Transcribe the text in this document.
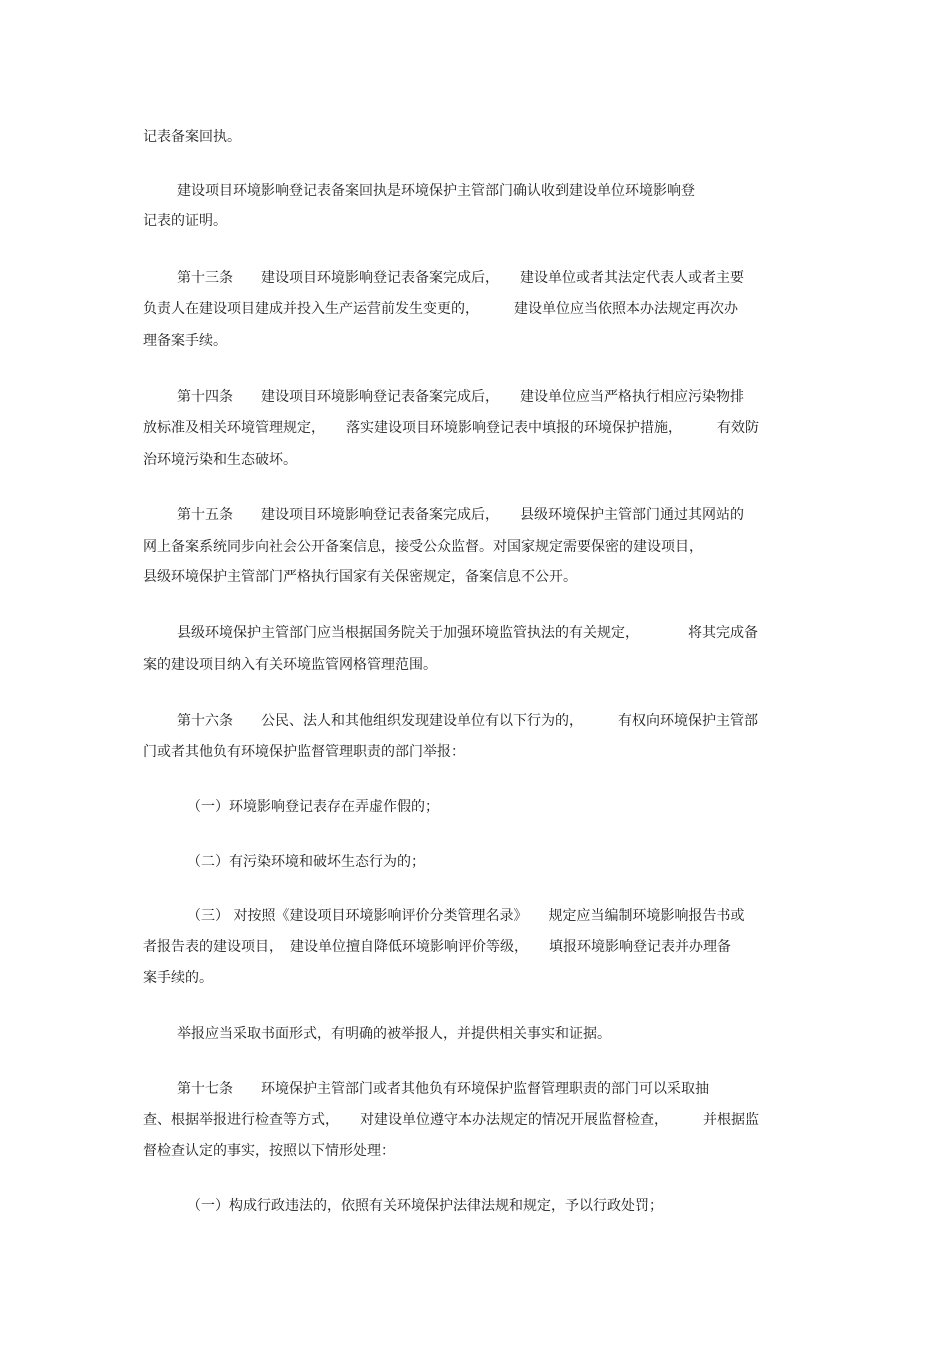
记表备案回执。

建设项目环境影响登记表备案回执是环境保护主管部门确认收到建设单位环境影响登

记表的证明。

第十三条　　建设项目环境影响登记表备案完成后，　　建设单位或者其法定代表人或者主要

负责人在建设项目建成并投入生产运营前发生变更的，　　　建设单位应当依照本办法规定再次办

理备案手续。

第十四条　　建设项目环境影响登记表备案完成后，　　建设单位应当严格执行相应污染物排

放标准及相关环境管理规定，　　落实建设项目环境影响登记表中填报的环境保护措施，　　　有效防

治环境污染和生态破坏。

第十五条　　建设项目环境影响登记表备案完成后，　　县级环境保护主管部门通过其网站的

网上备案系统同步向社会公开备案信息，接受公众监督。对国家规定需要保密的建设项目，

县级环境保护主管部门严格执行国家有关保密规定，备案信息不公开。

县级环境保护主管部门应当根据国务院关于加强环境监管执法的有关规定，　　　　将其完成备

案的建设项目纳入有关环境监管网格管理范围。

第十六条　　公民、法人和其他组织发现建设单位有以下行为的，　　　有权向环境保护主管部

门或者其他负有环境保护监督管理职责的部门举报：

（一）环境影响登记表存在弄虚作假的；

（二）有污染环境和破坏生态行为的；

（三） 对按照《建设项目环境影响评价分类管理名录》　　规定应当编制环境影响报告书或

者报告表的建设项目，　建设单位擅自降低环境影响评价等级，　　填报环境影响登记表并办理备

案手续的。

举报应当采取书面形式，有明确的被举报人，并提供相关事实和证据。

第十七条　　环境保护主管部门或者其他负有环境保护监督管理职责的部门可以采取抽

查、根据举报进行检查等方式，　　对建设单位遵守本办法规定的情况开展监督检查，　　　并根据监

督检查认定的事实，按照以下情形处理：

（一）构成行政违法的，依照有关环境保护法律法规和规定，予以行政处罚；
